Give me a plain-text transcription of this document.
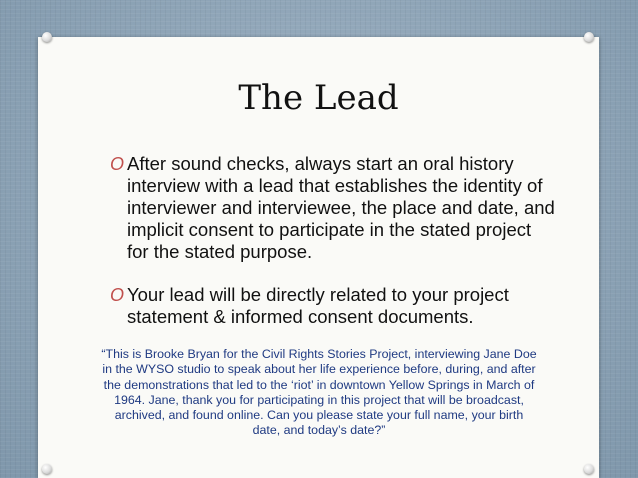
The Lead
O After sound checks, always start an oral history interview with a lead that establishes the identity of interviewer and interviewee, the place and date, and implicit consent to participate in the stated project for the stated purpose.
O Your lead will be directly related to your project statement & informed consent documents.
“This is Brooke Bryan for the Civil Rights Stories Project, interviewing Jane Doe in the WYSO studio to speak about her life experience before, during, and after the demonstrations that led to the ‘riot’ in downtown Yellow Springs in March of 1964. Jane, thank you for participating in this project that will be broadcast, archived, and found online. Can you please state your full name, your birth date, and today’s date?”
